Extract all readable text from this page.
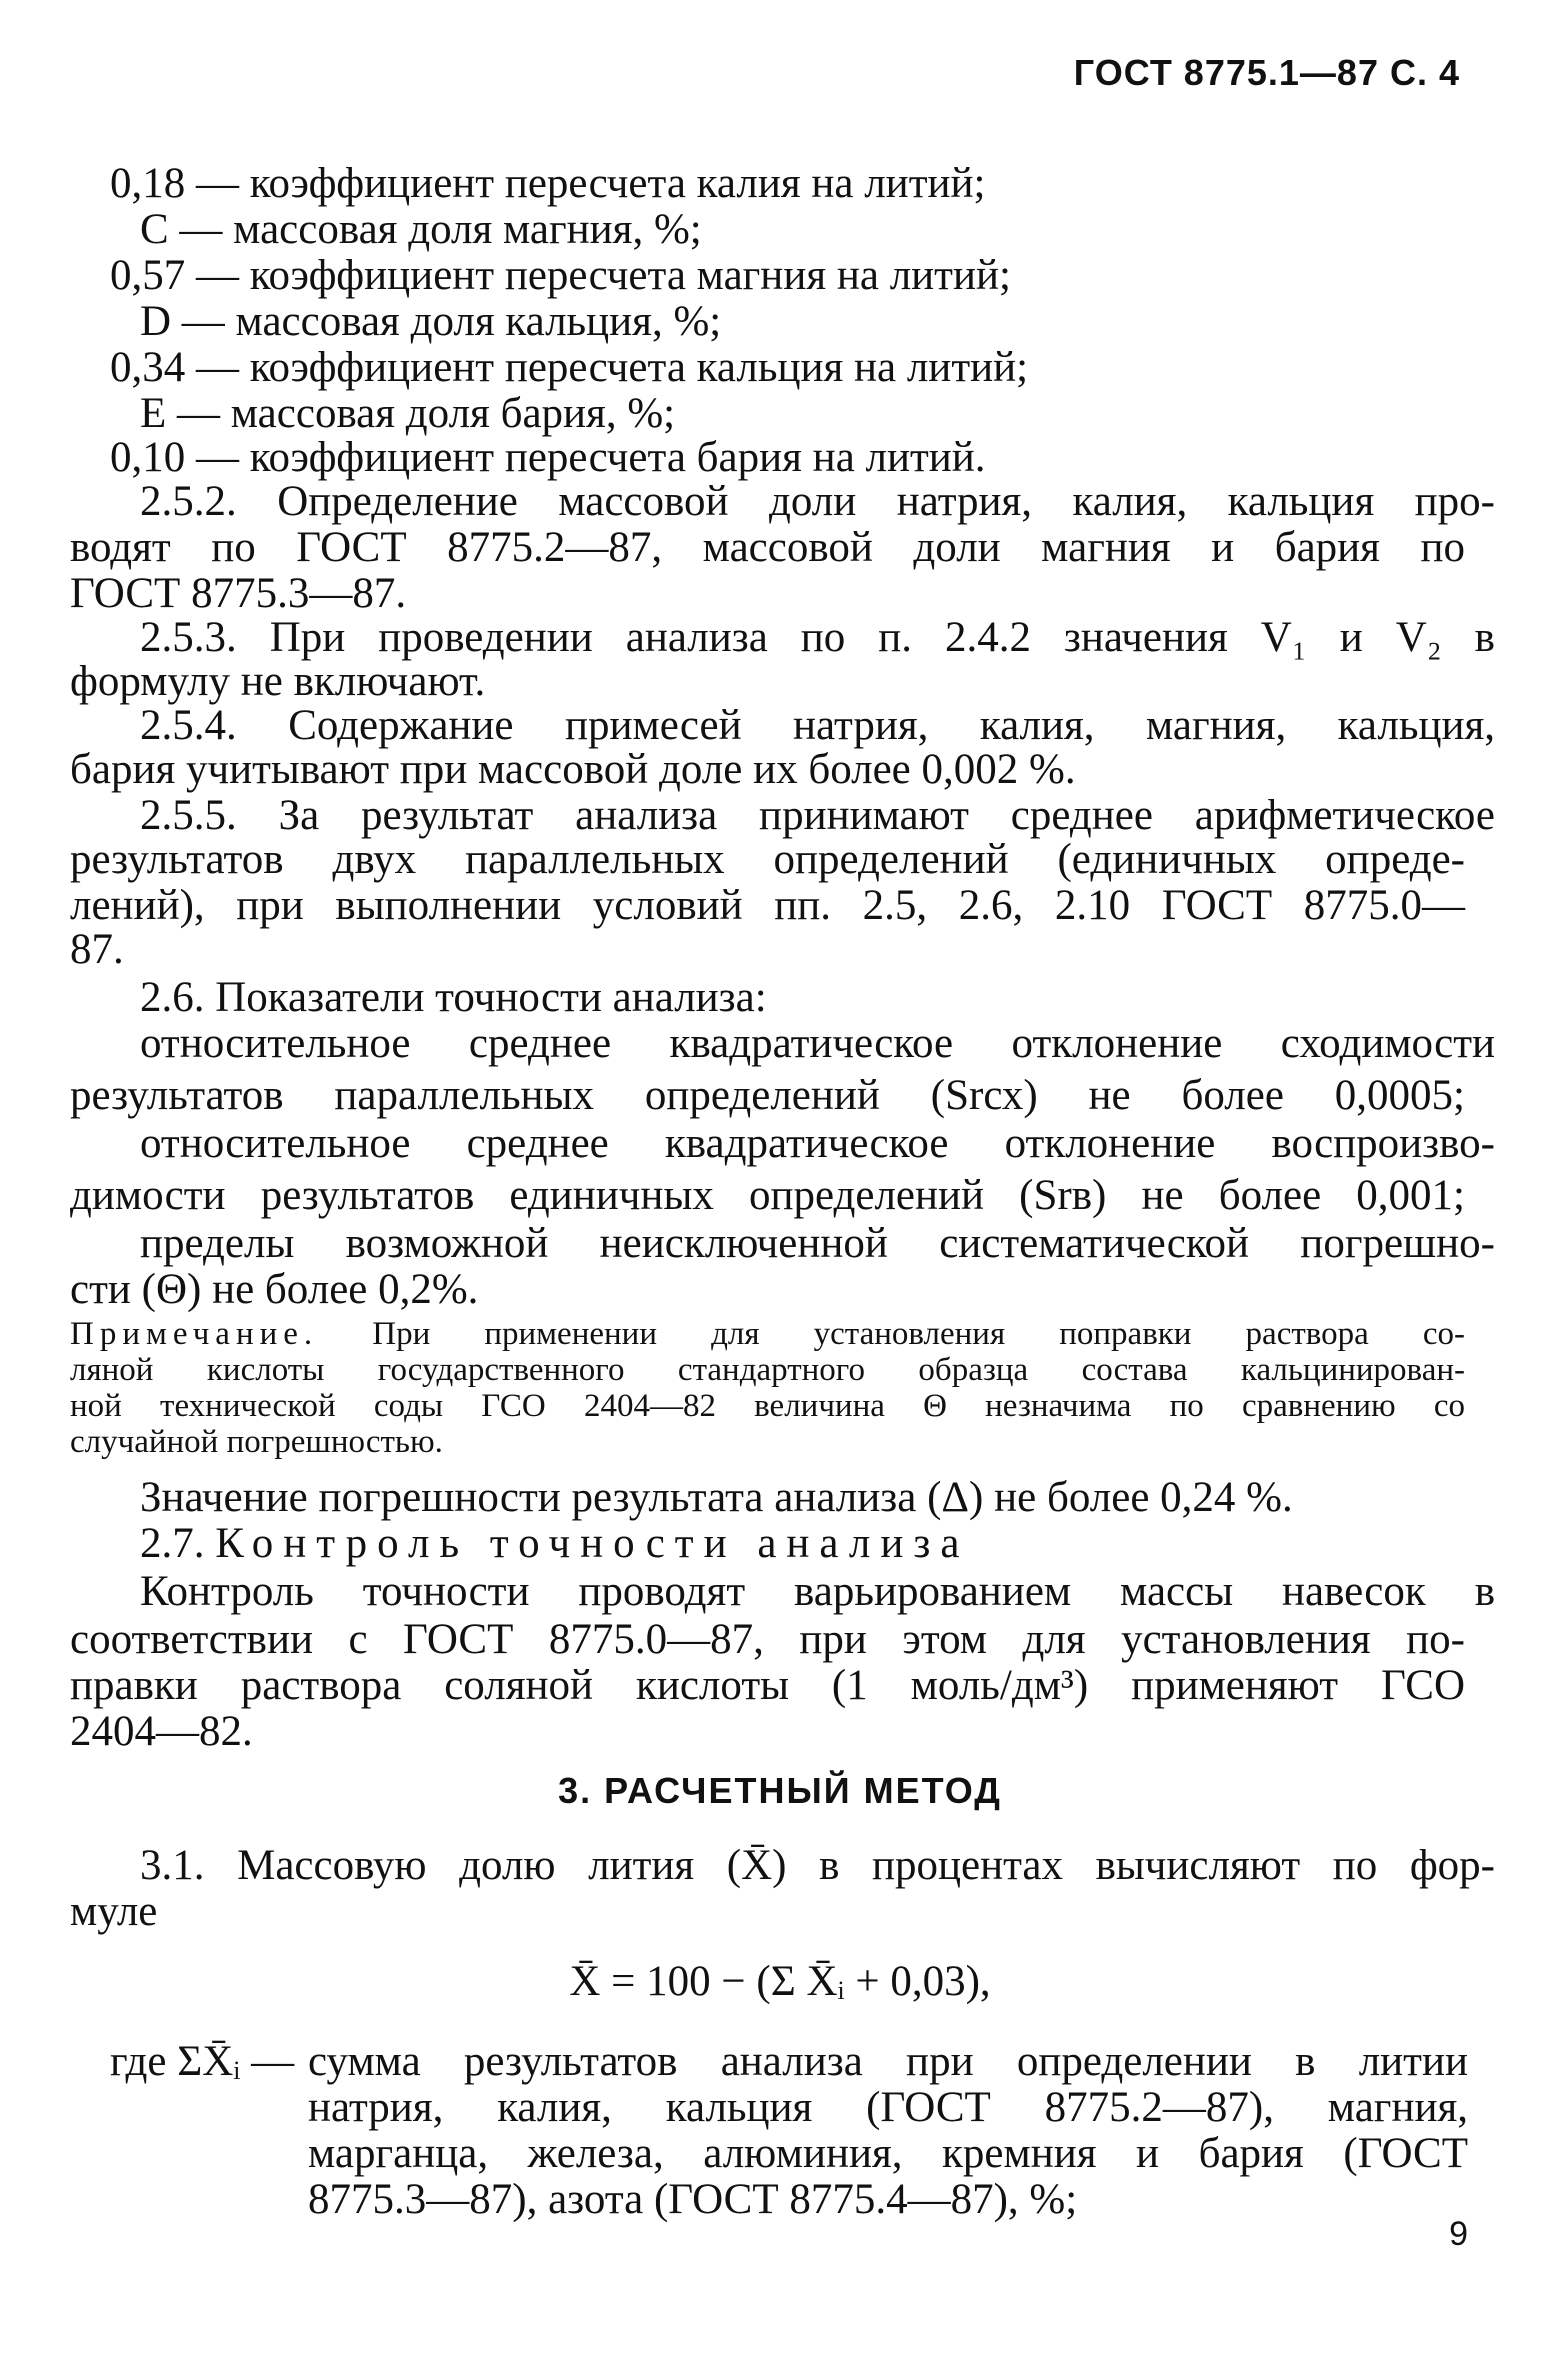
ГОСТ 8775.1—87 С. 4
0,18 — коэффициент пересчета калия на литий;
C — массовая доля магния, %;
0,57 — коэффициент пересчета магния на литий;
D — массовая доля кальция, %;
0,34 — коэффициент пересчета кальция на литий;
E — массовая доля бария, %;
0,10 — коэффициент пересчета бария на литий.
2.5.2. Определение массовой доли натрия, калия, кальция про-
водят по ГОСТ 8775.2—87, массовой доли магния и бария по
ГОСТ 8775.3—87.
2.5.3. При проведении анализа по п. 2.4.2 значения V₁ и V₂ в
формулу не включают.
2.5.4. Содержание примесей натрия, калия, магния, кальция,
бария учитывают при массовой доле их более 0,002 %.
2.5.5. За результат анализа принимают среднее арифметическое
результатов двух параллельных определений (единичных опреде-
лений), при выполнении условий пп. 2.5, 2.6, 2.10 ГОСТ 8775.0—
87.
2.6. Показатели точности анализа:
относительное среднее квадратическое отклонение сходимости
результатов параллельных определений (Srсх) не более 0,0005;
относительное среднее квадратическое отклонение воспроизво-
димости результатов единичных определений (Srв) не более 0,001;
пределы возможной неисключенной систематической погрешно-
сти (Θ) не более 0,2%.
Примечание. При применении для установления поправки раствора со-
ляной кислоты государственного стандартного образца состава кальцинирован-
ной технической соды ГСО 2404—82 величина Θ незначима по сравнению со
случайной погрешностью.
Значение погрешности результата анализа (Δ) не более 0,24 %.
2.7. Контроль точности анализа
Контроль точности проводят варьированием массы навесок в
соответствии с ГОСТ 8775.0—87, при этом для установления по-
правки раствора соляной кислоты (1 моль/дм³) применяют ГСО
2404—82.
3. РАСЧЕТНЫЙ МЕТОД
3.1. Массовую долю лития (X̄) в процентах вычисляют по фор-
муле
X̄ = 100 − (Σ X̄ᵢ + 0,03),
где ΣX̄ᵢ — сумма результатов анализа при определении в литии
натрия, калия, кальция (ГОСТ 8775.2—87), магния,
марганца, железа, алюминия, кремния и бария (ГОСТ
8775.3—87), азота (ГОСТ 8775.4—87), %;
9
